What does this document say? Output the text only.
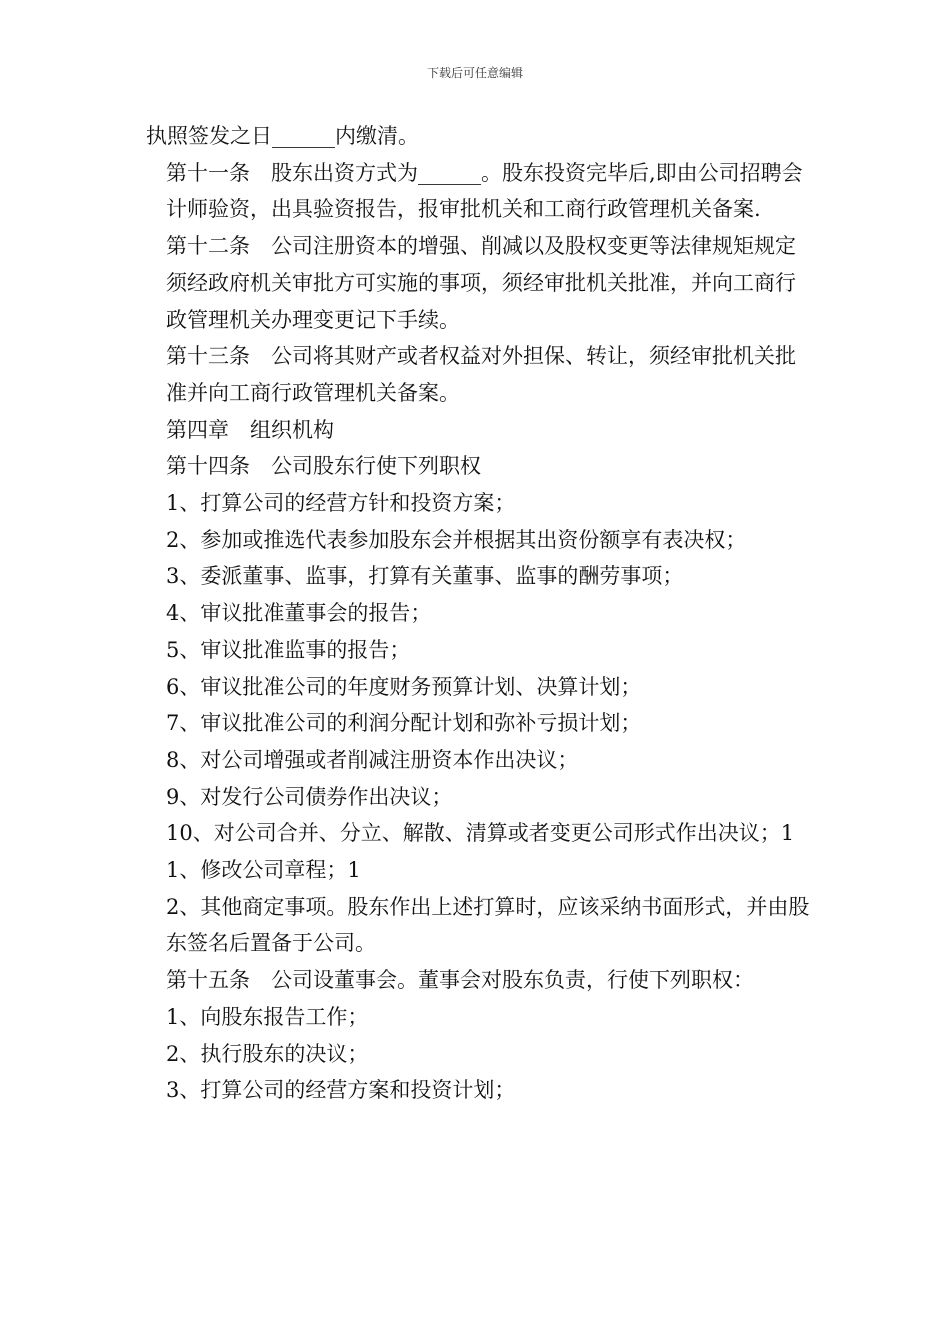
下载后可任意编辑

执照签发之日______内缴清。

第十一条　股东出资方式为______。股东投资完毕后,即由公司招聘会计师验资，出具验资报告，报审批机关和工商行政管理机关备案.

第十二条　公司注册资本的增强、削减以及股权变更等法律规矩规定须经政府机关审批方可实施的事项，须经审批机关批准，并向工商行政管理机关办理变更记下手续。

第十三条　公司将其财产或者权益对外担保、转让，须经审批机关批准并向工商行政管理机关备案。

第四章　组织机构

第十四条　公司股东行使下列职权

1、打算公司的经营方针和投资方案；

2、参加或推选代表参加股东会并根据其出资份额享有表决权；

3、委派董事、监事，打算有关董事、监事的酬劳事项；

4、审议批准董事会的报告；

5、审议批准监事的报告；

6、审议批准公司的年度财务预算计划、决算计划；

7、审议批准公司的利润分配计划和弥补亏损计划；

8、对公司增强或者削减注册资本作出决议；

9、对发行公司债券作出决议；

10、对公司合并、分立、解散、清算或者变更公司形式作出决议；1

1、修改公司章程；1

2、其他商定事项。股东作出上述打算时，应该采纳书面形式，并由股东签名后置备于公司。

第十五条　公司设董事会。董事会对股东负责，行使下列职权：

1、向股东报告工作；

2、执行股东的决议；

3、打算公司的经营方案和投资计划；
